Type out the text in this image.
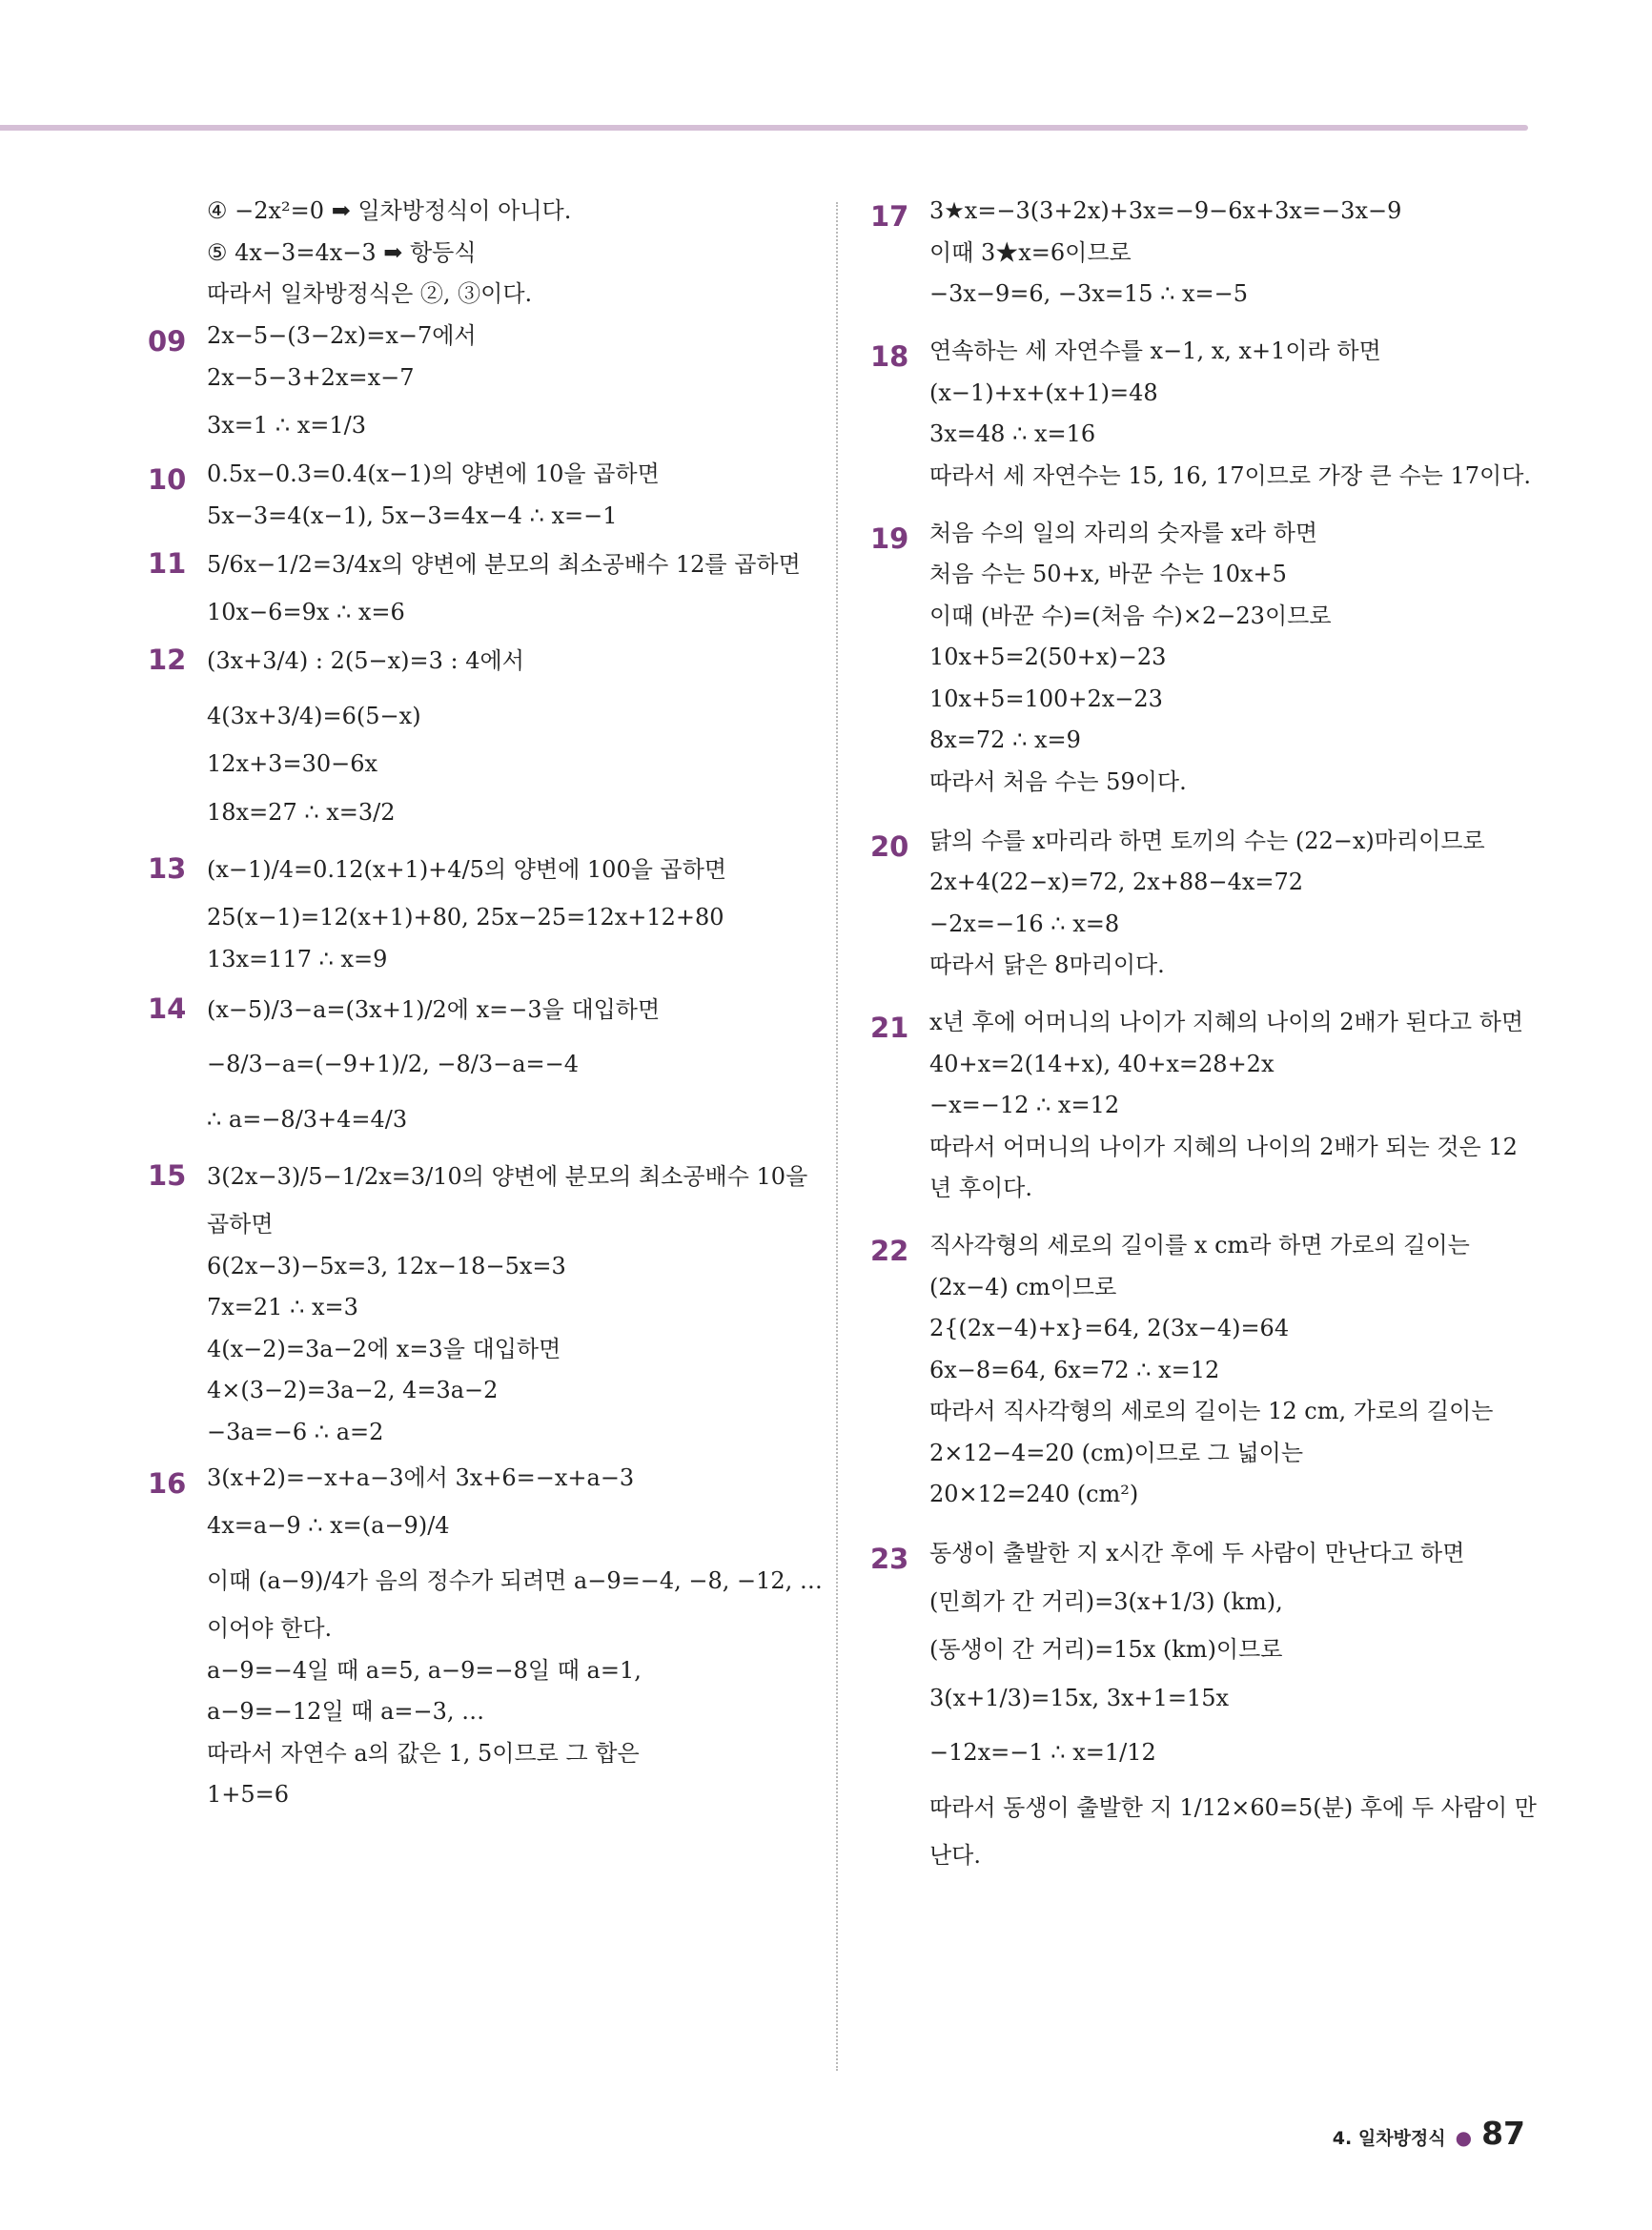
④ −2x²=0 ➡ 일차방정식이 아니다.
⑤ 4x−3=4x−3 ➡ 항등식
따라서 일차방정식은 ②, ③이다.
09 2x−5−(3−2x)=x−7에서
2x−5−3+2x=x−7
3x=1 ∴ x=1/3
10 0.5x−0.3=0.4(x−1)의 양변에 10을 곱하면
5x−3=4(x−1), 5x−3=4x−4 ∴ x=−1
11 5/6x−1/2=3/4x의 양변에 분모의 최소공배수 12를 곱하면
10x−6=9x ∴ x=6
12 (3x+3/4) : 2(5−x)=3 : 4에서
4(3x+3/4)=6(5−x)
12x+3=30−6x
18x=27 ∴ x=3/2
13 (x−1)/4=0.12(x+1)+4/5의 양변에 100을 곱하면
25(x−1)=12(x+1)+80, 25x−25=12x+12+80
13x=117 ∴ x=9
14 (x−5)/3−a=(3x+1)/2에 x=−3을 대입하면
−8/3−a=(−9+1)/2, −8/3−a=−4
∴ a=−8/3+4=4/3
15 3(2x−3)/5−1/2x=3/10의 양변에 분모의 최소공배수 10을
곱하면
6(2x−3)−5x=3, 12x−18−5x=3
7x=21 ∴ x=3
4(x−2)=3a−2에 x=3을 대입하면
4×(3−2)=3a−2, 4=3a−2
−3a=−6 ∴ a=2
16 3(x+2)=−x+a−3에서 3x+6=−x+a−3
4x=a−9 ∴ x=(a−9)/4
이때 (a−9)/4가 음의 정수가 되려면 a−9=−4, −8, −12, …
이어야 한다.
a−9=−4일 때 a=5, a−9=−8일 때 a=1,
a−9=−12일 때 a=−3, …
따라서 자연수 a의 값은 1, 5이므로 그 합은
1+5=6
17 3★x=−3(3+2x)+3x=−9−6x+3x=−3x−9
이때 3★x=6이므로
−3x−9=6, −3x=15 ∴ x=−5
18 연속하는 세 자연수를 x−1, x, x+1이라 하면
(x−1)+x+(x+1)=48
3x=48 ∴ x=16
따라서 세 자연수는 15, 16, 17이므로 가장 큰 수는 17이다.
19 처음 수의 일의 자리의 숫자를 x라 하면
처음 수는 50+x, 바꾼 수는 10x+5
이때 (바꾼 수)=(처음 수)×2−23이므로
10x+5=2(50+x)−23
10x+5=100+2x−23
8x=72 ∴ x=9
따라서 처음 수는 59이다.
20 닭의 수를 x마리라 하면 토끼의 수는 (22−x)마리이므로
2x+4(22−x)=72, 2x+88−4x=72
−2x=−16 ∴ x=8
따라서 닭은 8마리이다.
21 x년 후에 어머니의 나이가 지혜의 나이의 2배가 된다고 하면
40+x=2(14+x), 40+x=28+2x
−x=−12 ∴ x=12
따라서 어머니의 나이가 지혜의 나이의 2배가 되는 것은 12
년 후이다.
22 직사각형의 세로의 길이를 x cm라 하면 가로의 길이는
(2x−4) cm이므로
2{(2x−4)+x}=64, 2(3x−4)=64
6x−8=64, 6x=72 ∴ x=12
따라서 직사각형의 세로의 길이는 12 cm, 가로의 길이는
2×12−4=20 (cm)이므로 그 넓이는
20×12=240 (cm²)
23 동생이 출발한 지 x시간 후에 두 사람이 만난다고 하면
(민희가 간 거리)=3(x+1/3) (km),
(동생이 간 거리)=15x (km)이므로
3(x+1/3)=15x, 3x+1=15x
−12x=−1 ∴ x=1/12
따라서 동생이 출발한 지 1/12×60=5(분) 후에 두 사람이 만
난다.
4. 일차방정식 ● 87
